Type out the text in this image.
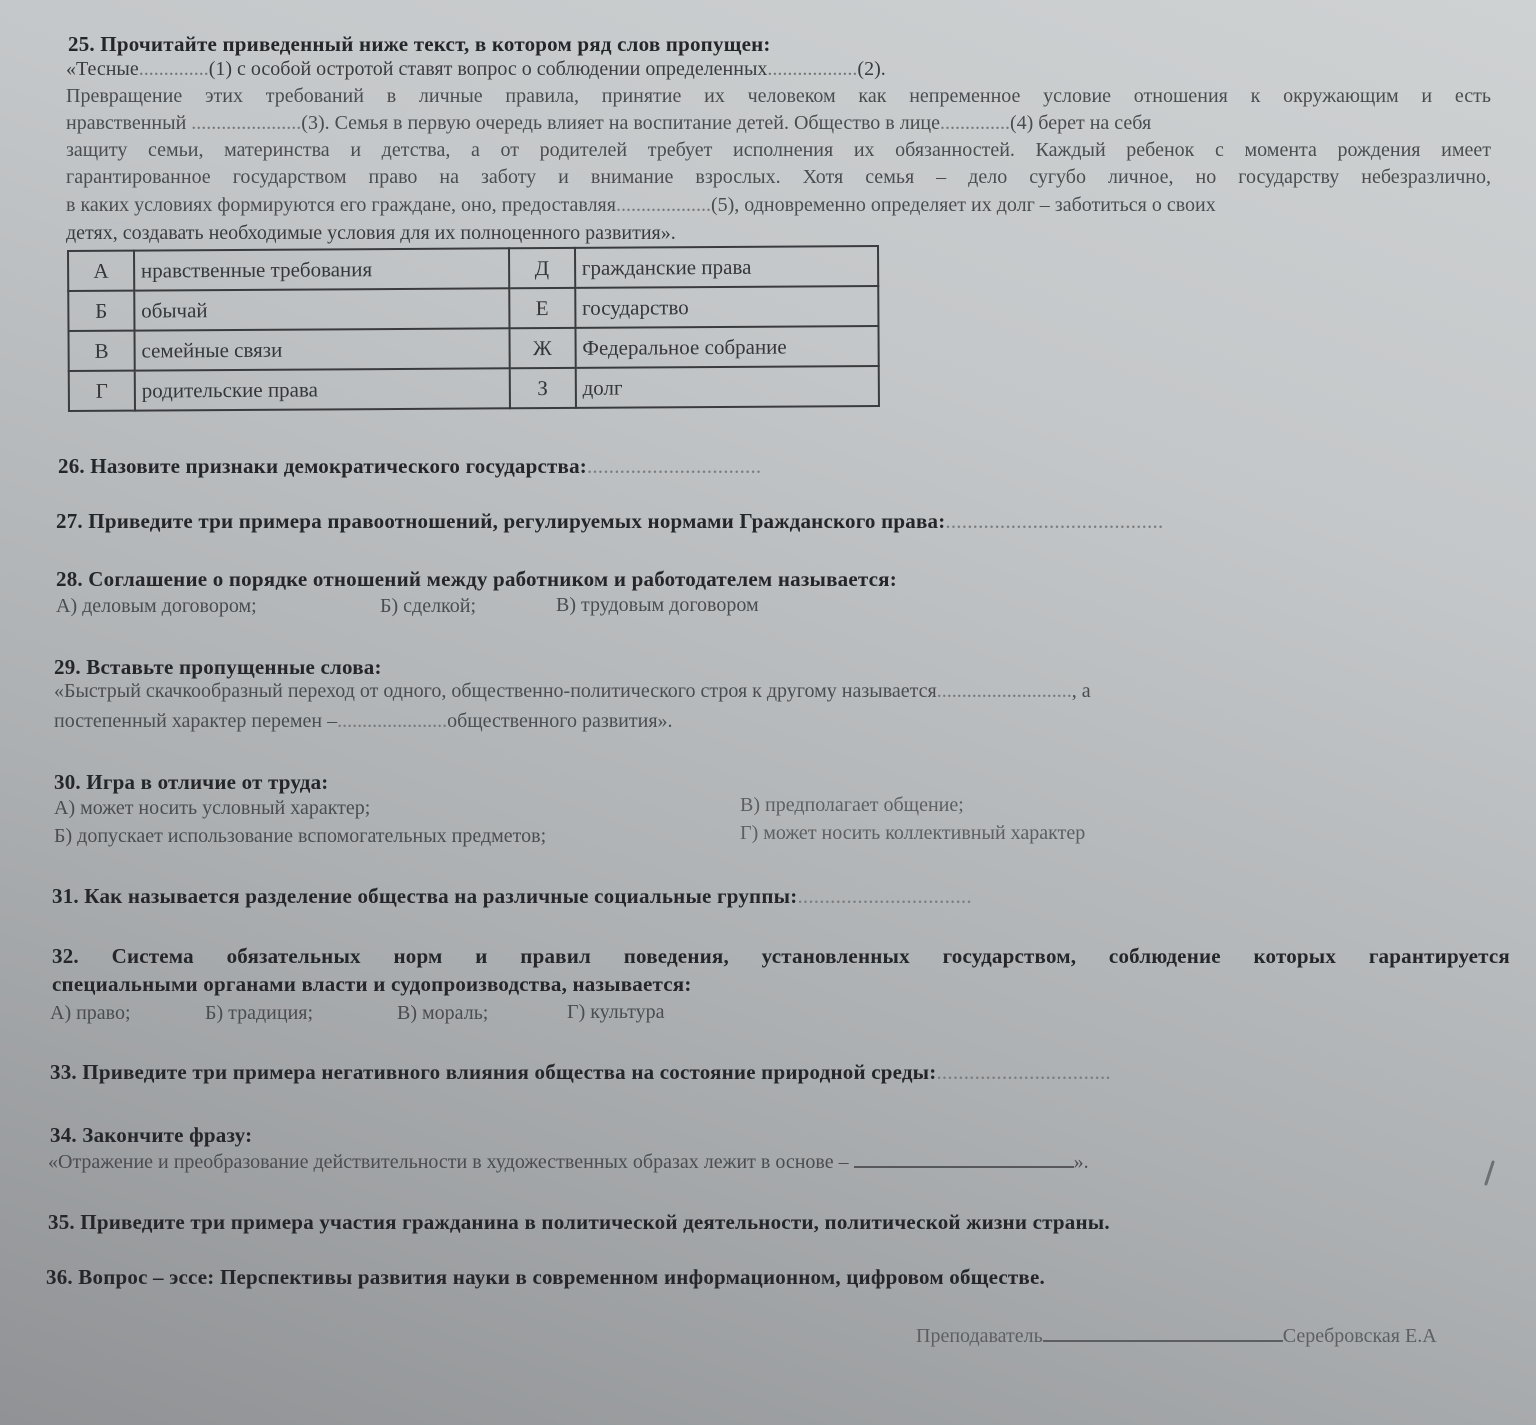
25. Прочитайте приведенный ниже текст, в котором ряд слов пропущен:
«Тесные..............(1) с особой остротой ставят вопрос о соблюдении определенных..................(2).
Превращение этих требований в личные правила, принятие их человеком как непременное условие отношения к окружающим и есть
нравственный ......................(3). Семья в первую очередь влияет на воспитание детей. Общество в лице..............(4) берет на себя
защиту семьи, материнства и детства, а от родителей требует исполнения их обязанностей. Каждый ребенок с момента рождения имеет
гарантированное государством право на заботу и внимание взрослых. Хотя семья – дело сугубо личное, но государству небезразлично,
в каких условиях формируются его граждане, оно, предоставляя...................(5), одновременно определяет их долг – заботиться о своих
детях, создавать необходимые условия для их полноценного развития».
А	нравственные требования	Д	гражданские права
Б	обычай	Е	государство
В	семейные связи	Ж	Федеральное собрание
Г	родительские права	З	долг
26. Назовите признаки демократического государства:................................
27. Приведите три примера правоотношений, регулируемых нормами Гражданского права:........................................
28. Соглашение о порядке отношений между работником и работодателем называется:
А) деловым договором;	Б) сделкой;	В) трудовым договором
29. Вставьте пропущенные слова:
«Быстрый скачкообразный переход от одного, общественно-политического строя к другому называется..........................., а
постепенный характер перемен –......................общественного развития».
30. Игра в отличие от труда:
А) может носить условный характер;
Б) допускает использование вспомогательных предметов;
В) предполагает общение;
Г) может носить коллективный характер
31. Как называется разделение общества на различные социальные группы:................................
32. Система обязательных норм и правил поведения, установленных государством, соблюдение которых гарантируется
специальными органами власти и судопроизводства, называется:
А) право;	Б) традиция;	В) мораль;	Г) культура
33. Приведите три примера негативного влияния общества на состояние природной среды:................................
34. Закончите фразу:
«Отражение и преобразование действительности в художественных образах лежит в основе –	».
35. Приведите три примера участия гражданина в политической деятельности, политической жизни страны.
36. Вопрос – эссе: Перспективы развития науки в современном информационном, цифровом обществе.
Преподаватель	Серебровская Е.А
